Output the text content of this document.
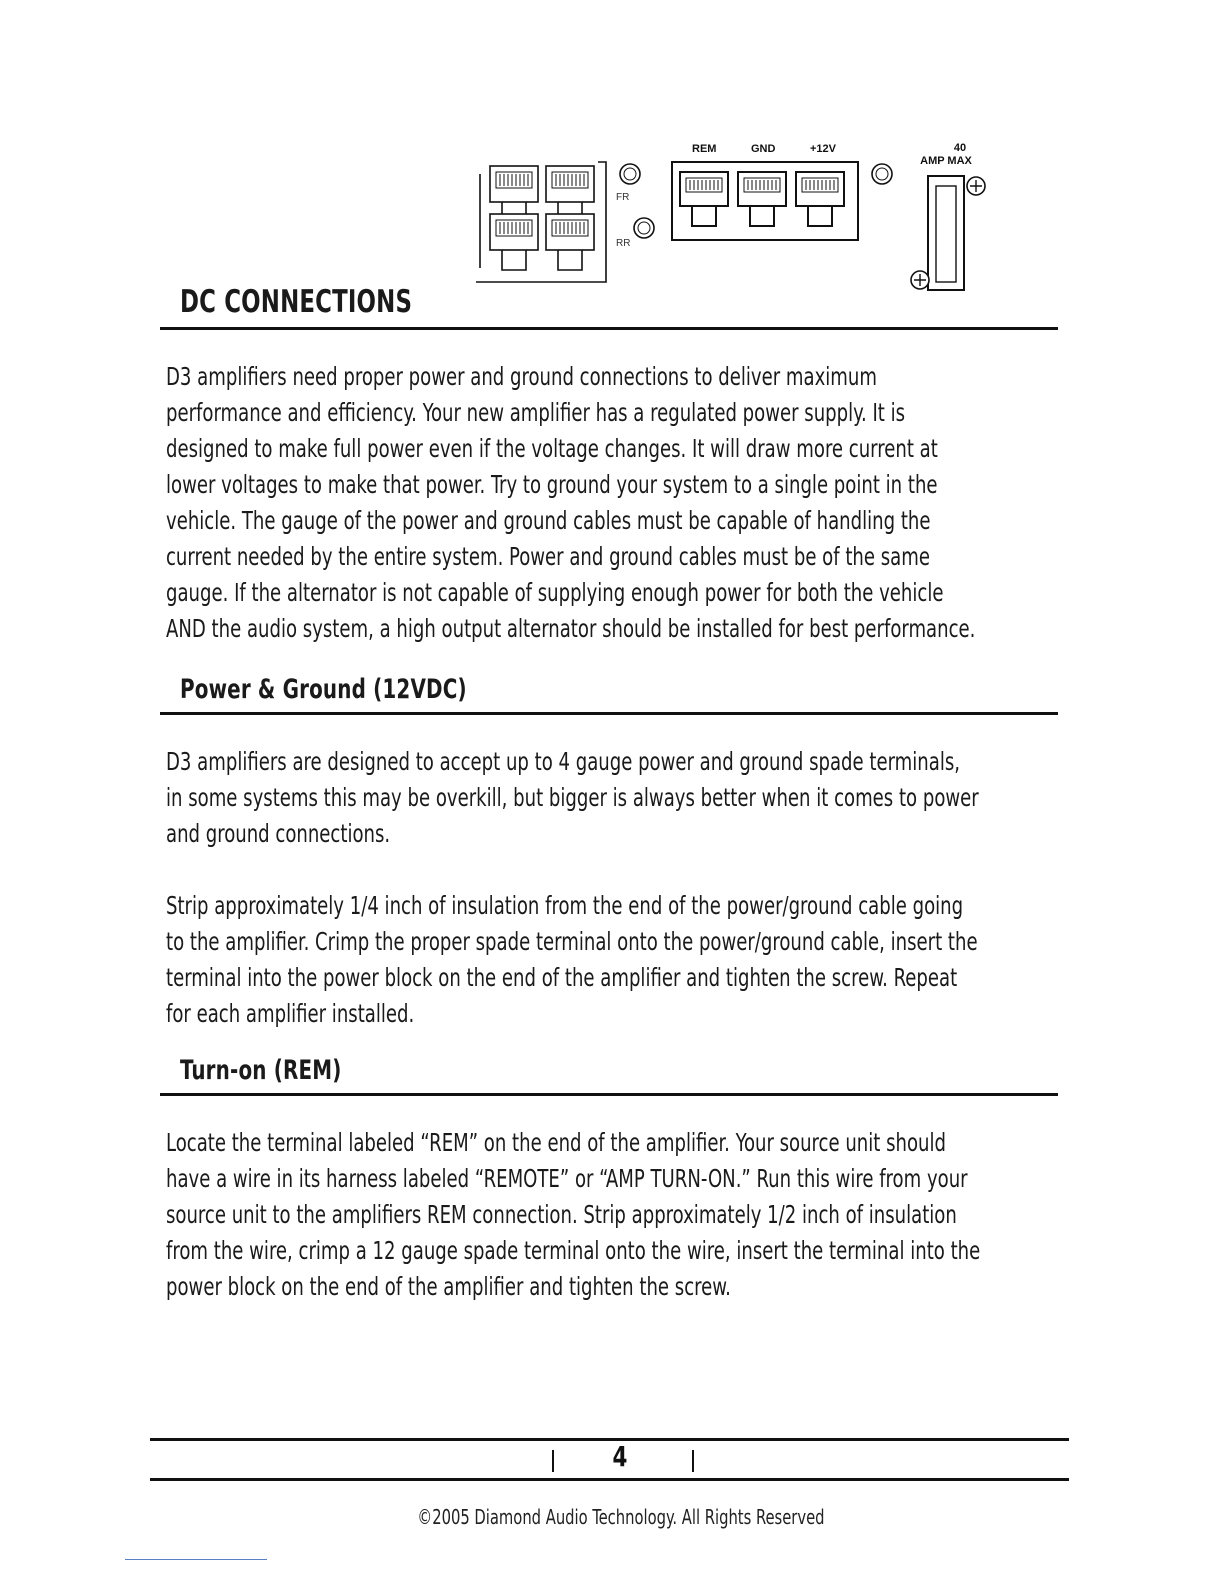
FR
RR
REM	GND	+12V	40
AMP MAX
DC CONNECTIONS
D3 amplifiers need proper power and ground connections to deliver maximum
performance and efficiency. Your new amplifier has a regulated power supply. It is
designed to make full power even if the voltage changes. It will draw more current at
lower voltages to make that power. Try to ground your system to a single point in the
vehicle. The gauge of the power and ground cables must be capable of handling the
current needed by the entire system. Power and ground cables must be of the same
gauge. If the alternator is not capable of supplying enough power for both the vehicle
AND the audio system, a high output alternator should be installed for best performance.
Power & Ground (12VDC)
D3 amplifiers are designed to accept up to 4 gauge power and ground spade terminals,
in some systems this may be overkill, but bigger is always better when it comes to power
and ground connections.
Strip approximately 1/4 inch of insulation from the end of the power/ground cable going
to the amplifier. Crimp the proper spade terminal onto the power/ground cable, insert the
terminal into the power block on the end of the amplifier and tighten the screw. Repeat
for each amplifier installed.
Turn-on (REM)
Locate the terminal labeled “REM” on the end of the amplifier. Your source unit should
have a wire in its harness labeled “REMOTE” or “AMP TURN-ON.” Run this wire from your
source unit to the amplifiers REM connection. Strip approximately 1/2 inch of insulation
from the wire, crimp a 12 gauge spade terminal onto the wire, insert the terminal into the
power block on the end of the amplifier and tighten the screw.
4
©2005 Diamond Audio Technology. All Rights Reserved
